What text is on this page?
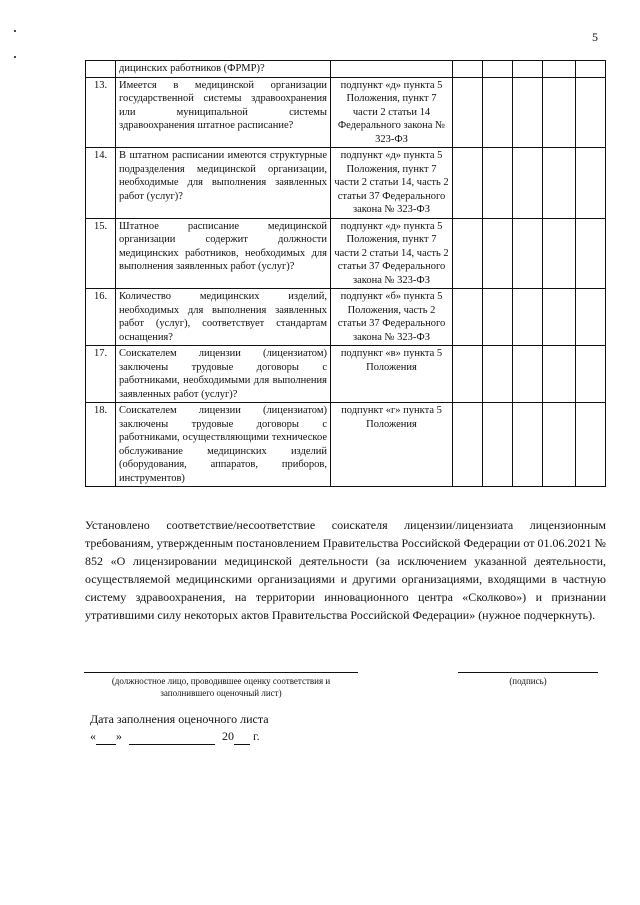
5
	дицинских работников (ФРМР)?						
13.	Имеется в медицинской организации государственной системы здравоохранения или муниципальной системы здравоохранения штатное расписание?	подпункт «д» пункта 5 Положения, пункт 7 части 2 статьи 14 Федерального закона № 323-ФЗ					
14.	В штатном расписании имеются структурные подразделения медицинской организации, необходимые для выполнения заявленных работ (услуг)?	подпункт «д» пункта 5 Положения, пункт 7 части 2 статьи 14, часть 2 статьи 37 Федерального закона № 323-ФЗ					
15.	Штатное расписание медицинской организации содержит должности медицинских работников, необходимых для выполнения заявленных работ (услуг)?	подпункт «д» пункта 5 Положения, пункт 7 части 2 статьи 14, часть 2 статьи 37 Федерального закона № 323-ФЗ					
16.	Количество медицинских изделий, необходимых для выполнения заявленных работ (услуг), соответствует стандартам оснащения?	подпункт «б» пункта 5 Положения, часть 2 статьи 37 Федерального закона № 323-ФЗ					
17.	Соискателем лицензии (лицензиатом) заключены трудовые договоры с работниками, необходимыми для выполнения заявленных работ (услуг)?	подпункт «в» пункта 5 Положения					
18.	Соискателем лицензии (лицензиатом) заключены трудовые договоры с работниками, осуществляющими техническое обслуживание медицинских изделий (оборудования, аппаратов, приборов, инструментов)	подпункт «г» пункта 5 Положения					

Установлено соответствие/несоответствие соискателя лицензии/лицензиата лицензионным требованиям, утвержденным постановлением Правительства Российской Федерации от 01.06.2021 № 852 «О лицензировании медицинской деятельности (за исключением указанной деятельности, осуществляемой медицинскими организациями и другими организациями, входящими в частную систему здравоохранения, на территории инновационного центра «Сколково») и признании утратившими силу некоторых актов Правительства Российской Федерации» (нужное подчеркнуть).

(должностное лицо, проводившее оценку соответствия и заполнившего оценочный лист)
(подпись)
Дата заполнения оценочного листа
« »	20 г.
